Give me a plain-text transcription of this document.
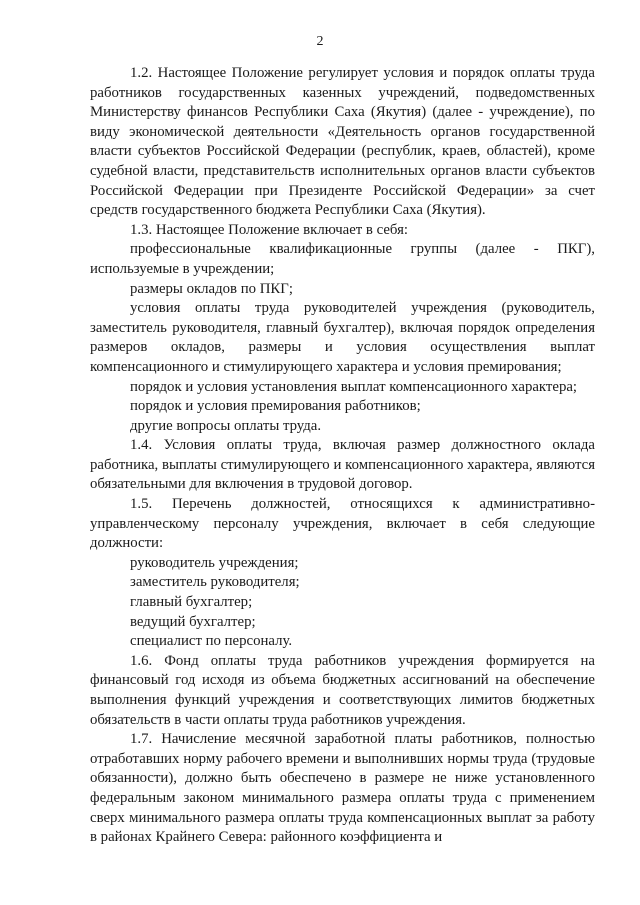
2

1.2. Настоящее Положение регулирует условия и порядок оплаты труда работников государственных казенных учреждений, подведомственных Министерству финансов Республики Саха (Якутия) (далее - учреждение), по виду экономической деятельности «Деятельность органов государственной власти субъектов Российской Федерации (республик, краев, областей), кроме судебной власти, представительств исполнительных органов власти субъектов Российской Федерации при Президенте Российской Федерации» за счет средств государственного бюджета Республики Саха (Якутия).

1.3. Настоящее Положение включает в себя:

профессиональные квалификационные группы (далее - ПКГ), используемые в учреждении;

размеры окладов по ПКГ;

условия оплаты труда руководителей учреждения (руководитель, заместитель руководителя, главный бухгалтер), включая порядок определения размеров окладов, размеры и условия осуществления выплат компенсационного и стимулирующего характера и условия премирования;

порядок и условия установления выплат компенсационного характера;

порядок и условия премирования работников;

другие вопросы оплаты труда.

1.4. Условия оплаты труда, включая размер должностного оклада работника, выплаты стимулирующего и компенсационного характера, являются обязательными для включения в трудовой договор.

1.5. Перечень должностей, относящихся к административно-управленческому персоналу учреждения, включает в себя следующие должности:

руководитель учреждения;

заместитель руководителя;

главный бухгалтер;

ведущий бухгалтер;

специалист по персоналу.

1.6. Фонд оплаты труда работников учреждения формируется на финансовый год исходя из объема бюджетных ассигнований на обеспечение выполнения функций учреждения и соответствующих лимитов бюджетных обязательств в части оплаты труда работников учреждения.

1.7. Начисление месячной заработной платы работников, полностью отработавших норму рабочего времени и выполнивших нормы труда (трудовые обязанности), должно быть обеспечено в размере не ниже установленного федеральным законом минимального размера оплаты труда с применением сверх минимального размера оплаты труда компенсационных выплат за работу в районах Крайнего Севера: районного коэффициента и
